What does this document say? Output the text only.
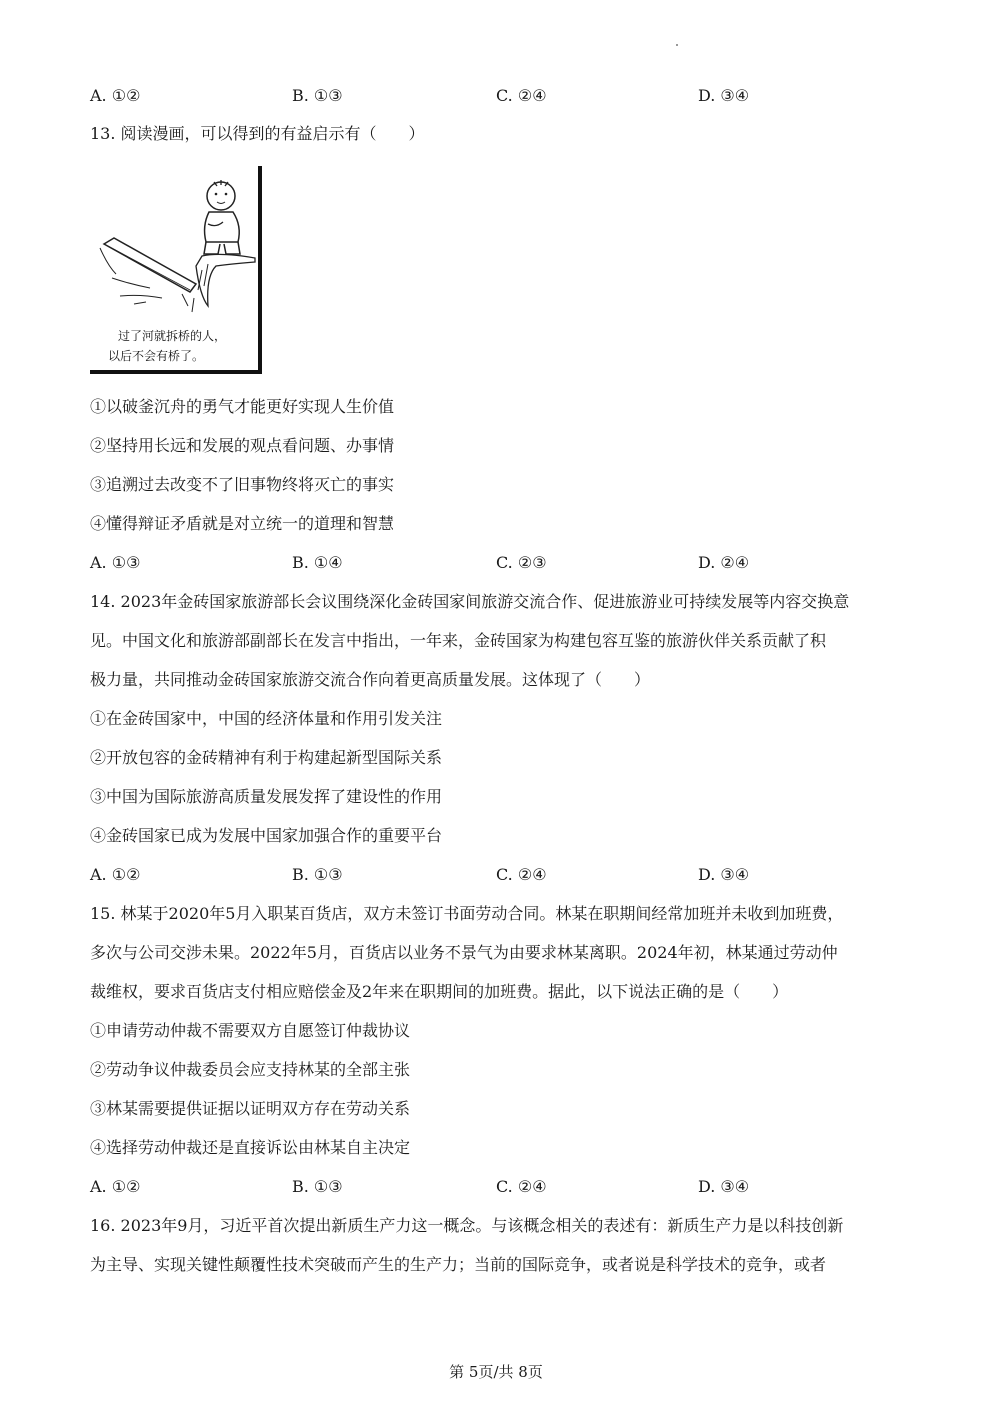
A. ①②	B. ①③	C. ②④	D. ③④
13. 阅读漫画，可以得到的有益启示有（　　）
过了河就拆桥的人，
以后不会有桥了。
①以破釜沉舟的勇气才能更好实现人生价值
②坚持用长远和发展的观点看问题、办事情
③追溯过去改变不了旧事物终将灭亡的事实
④懂得辩证矛盾就是对立统一的道理和智慧
A. ①③	B. ①④	C. ②③	D. ②④
14. 2023年金砖国家旅游部长会议围绕深化金砖国家间旅游交流合作、促进旅游业可持续发展等内容交换意
见。中国文化和旅游部副部长在发言中指出，一年来，金砖国家为构建包容互鉴的旅游伙伴关系贡献了积
极力量，共同推动金砖国家旅游交流合作向着更高质量发展。这体现了（　　）
①在金砖国家中，中国的经济体量和作用引发关注
②开放包容的金砖精神有利于构建起新型国际关系
③中国为国际旅游高质量发展发挥了建设性的作用
④金砖国家已成为发展中国家加强合作的重要平台
A. ①②	B. ①③	C. ②④	D. ③④
15. 林某于2020年5月入职某百货店，双方未签订书面劳动合同。林某在职期间经常加班并未收到加班费，
多次与公司交涉未果。2022年5月，百货店以业务不景气为由要求林某离职。2024年初，林某通过劳动仲
裁维权，要求百货店支付相应赔偿金及2年来在职期间的加班费。据此，以下说法正确的是（　　）
①申请劳动仲裁不需要双方自愿签订仲裁协议
②劳动争议仲裁委员会应支持林某的全部主张
③林某需要提供证据以证明双方存在劳动关系
④选择劳动仲裁还是直接诉讼由林某自主决定
A. ①②	B. ①③	C. ②④	D. ③④
16. 2023年9月，习近平首次提出新质生产力这一概念。与该概念相关的表述有：新质生产力是以科技创新
为主导、实现关键性颠覆性技术突破而产生的生产力；当前的国际竞争，或者说是科学技术的竞争，或者
第 5页/共 8页
